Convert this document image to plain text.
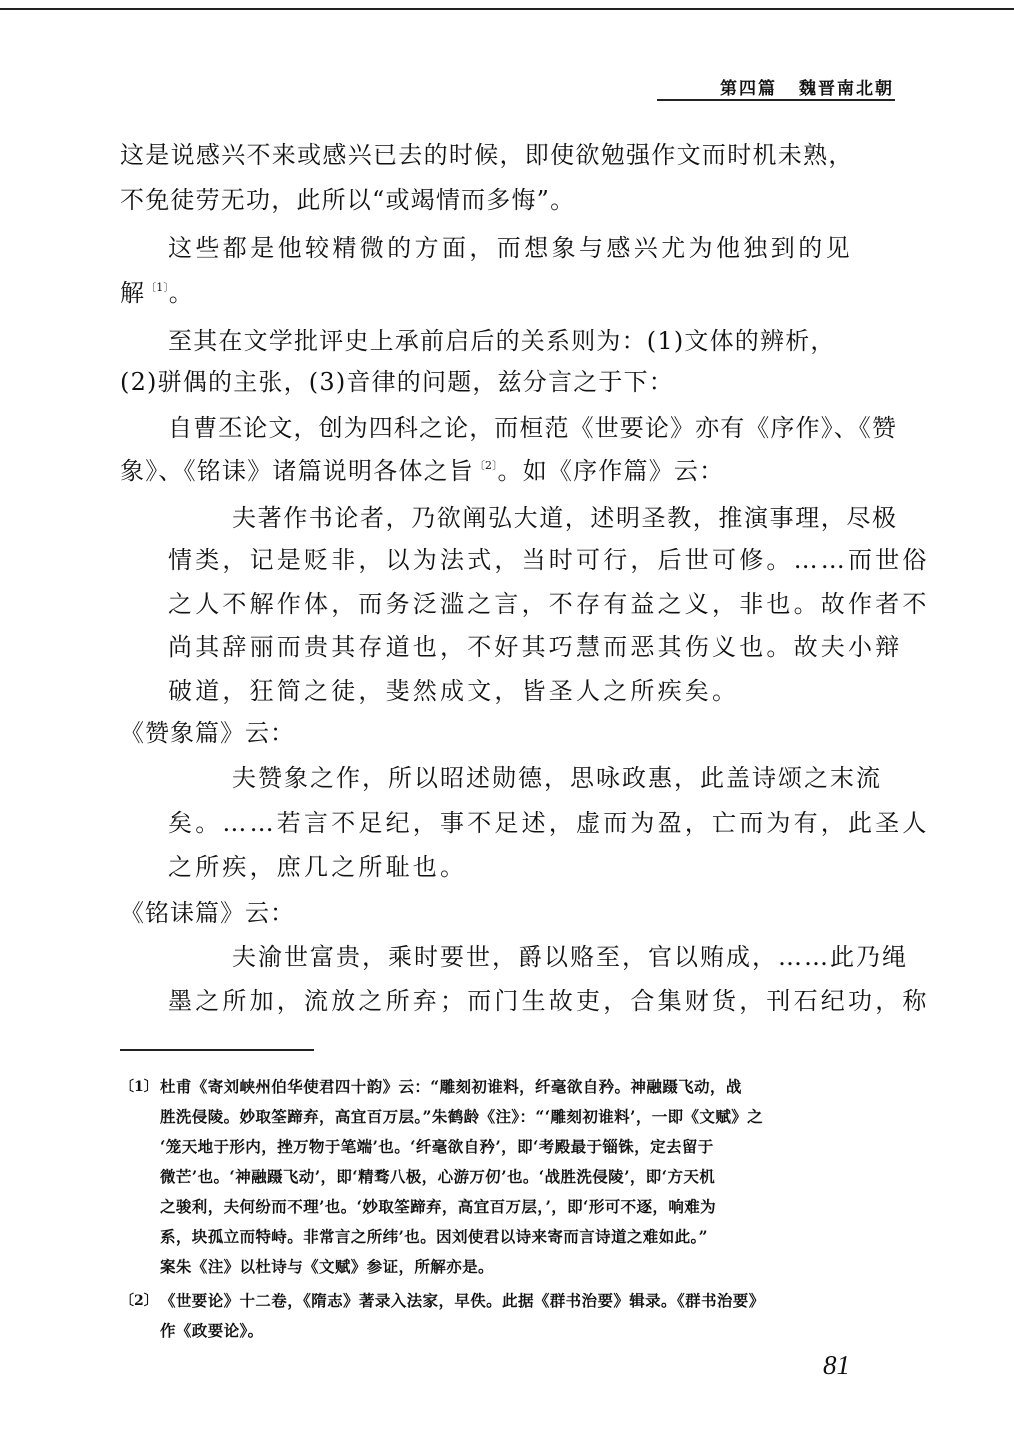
第四篇 魏晋南北朝
这是说感兴不来或感兴已去的时候，即使欲勉强作文而时机未熟，
不免徒劳无功，此所以“或竭情而多悔”。
这些都是他较精微的方面，而想象与感兴尤为他独到的见
解$^{〔1〕}$。
至其在文学批评史上承前启后的关系则为：(1)文体的辨析，
(2)骈偶的主张，(3)音律的问题，兹分言之于下：
自曹丕论文，创为四科之论，而桓范《世要论》亦有《序作》、《赞
象》、《铭诔》诸篇说明各体之旨$^{〔2〕}$。如《序作篇》云：
夫著作书论者，乃欲阐弘大道，述明圣教，推演事理，尽极
情类，记是贬非，以为法式，当时可行，后世可修。……而世俗
之人不解作体，而务泛滥之言，不存有益之义，非也。故作者不
尚其辞丽而贵其存道也，不好其巧慧而恶其伤义也。故夫小辩
破道，狂简之徒，斐然成文，皆圣人之所疾矣。
《赞象篇》云：
夫赞象之作，所以昭述勋德，思咏政惠，此盖诗颂之末流
矣。……若言不足纪，事不足述，虚而为盈，亡而为有，此圣人
之所疾，庶几之所耻也。
《铭诔篇》云：
夫渝世富贵，乘时要世，爵以赂至，官以贿成，……此乃绳
墨之所加，流放之所弃；而门生故吏，合集财货，刊石纪功，称
〔1〕 杜甫《寄刘峡州伯华使君四十韵》云：“雕刻初谁料，纤毫欲自矜。神融蹑飞动，战
胜洗侵陵。妙取筌蹄弃，高宜百万层。”朱鹤龄《注》：“‘雕刻初谁料’，一即《文赋》之
‘笼天地于形内，挫万物于笔端’也。‘纤毫欲自矜’，即‘考殿最于锱铢，定去留于
微芒’也。‘神融蹑飞动’，即‘精骛八极，心游万仞’也。‘战胜洗侵陵’，即‘方天机
之骏利，夫何纷而不理’也。‘妙取筌蹄弃，高宜百万层，’，即‘形可不逐，响难为
系，块孤立而特峙。非常言之所纬’也。因刘使君以诗来寄而言诗道之难如此。”
案朱《注》以杜诗与《文赋》参证，所解亦是。
〔2〕 《世要论》十二卷，《隋志》著录入法家，早佚。此据《群书治要》辑录。《群书治要》
作《政要论》。
81
